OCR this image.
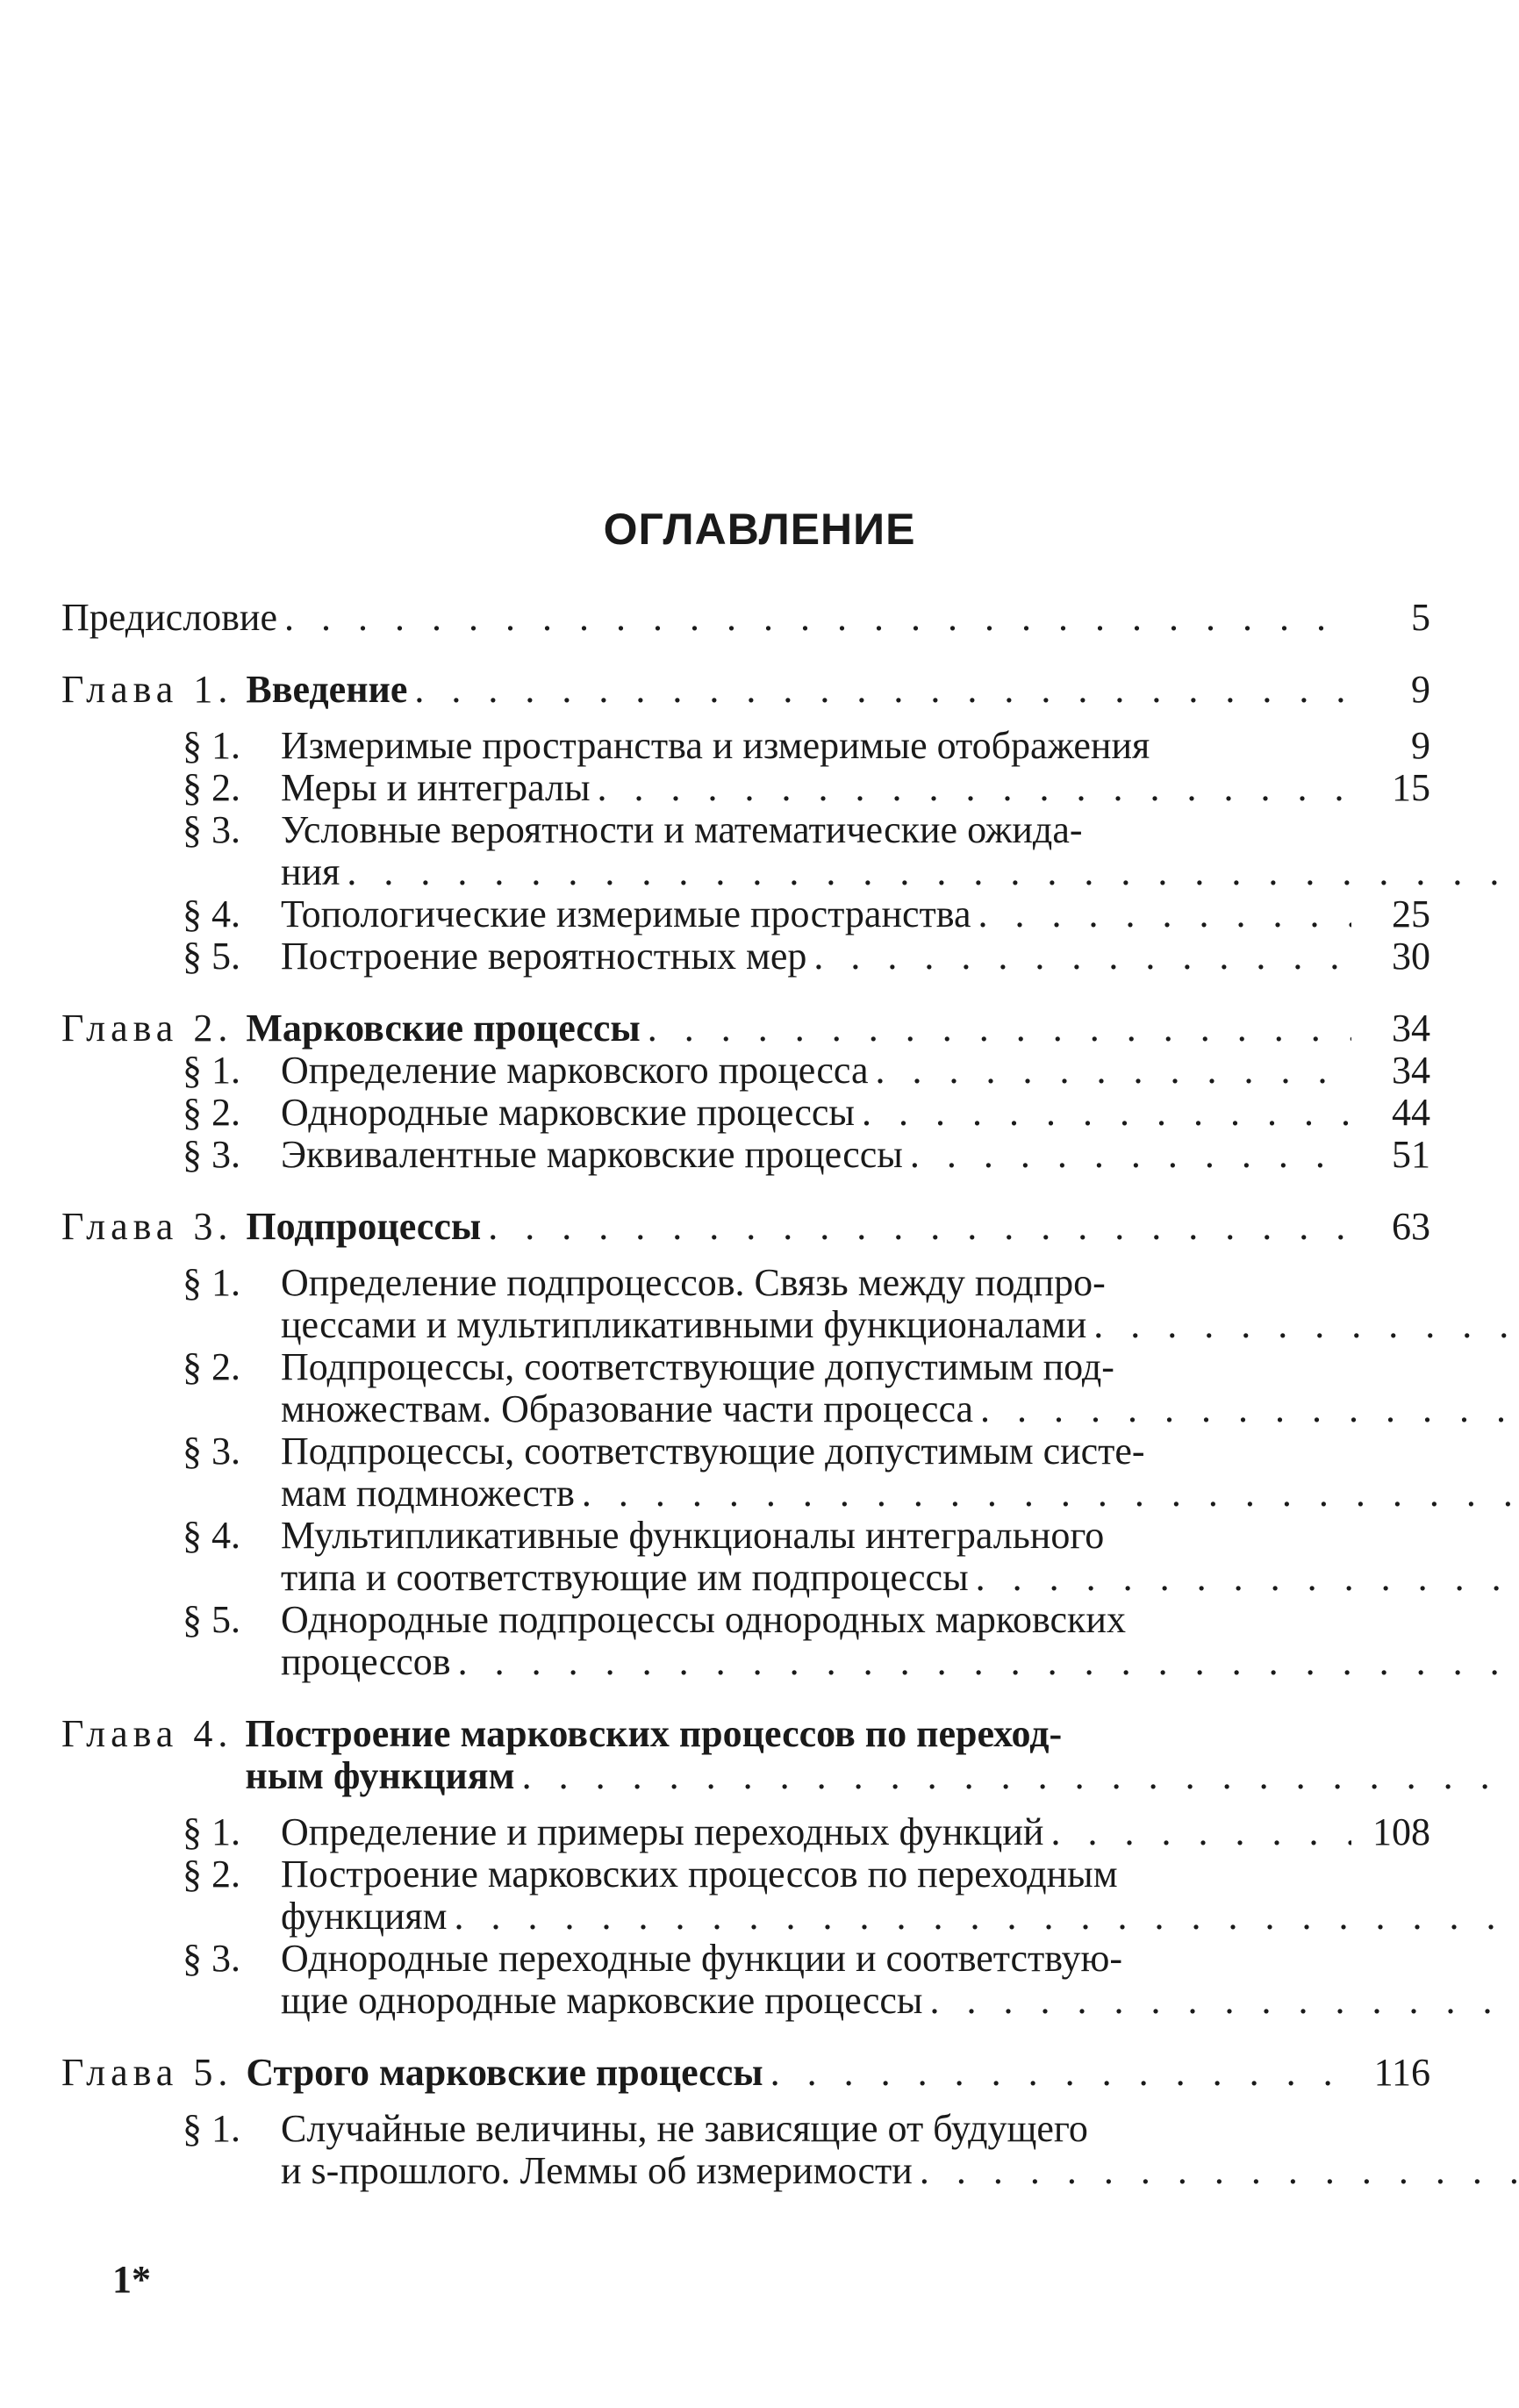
ОГЛАВЛЕНИЕ
Предисловие . . .	5
Глава 1. Введение . . .	9
§ 1.	Измеримые пространства и измеримые отображения	9
§ 2.	Меры и интегралы . . .	15
§ 3.	Условные вероятности и математические ожида-
ния
. . .
§ 4.	Топологические измеримые пространства . . .	25
§ 5.	Построение вероятностных мер . . .	30
Глава 2. Марковские процессы . . .	34
§ 1.	Определение марковского процесса . . .	34
§ 2.	Однородные марковские процессы . . .	44
§ 3.	Эквивалентные марковские процессы . . .	51
Глава 3. Подпроцессы . . .	63
§ 1.	Определение подпроцессов. Связь между подпро-
цессами и мультипликативными функционалами
. . .
§ 2.	Подпроцессы, соответствующие допустимым под-
множествам. Образование части процесса
. . .
§ 3.	Подпроцессы, соответствующие допустимым систе-
мам подмножеств
. . .
§ 4.	Мультипликативные функционалы интегрального
типа и соответствующие им подпроцессы
. . .
§ 5.	Однородные подпроцессы однородных марковских
процессов
. . .
Глава 4. Построение марковских процессов по переход-
ным функциям
. . .
§ 1.	Определение и примеры переходных функций . . .	108
§ 2.	Построение марковских процессов по переходным
функциям
. . .
§ 3.	Однородные переходные функции и соответствую-
щие однородные марковские процессы
. . .
Глава 5. Строго марковские процессы . . .	116
§ 1.	Случайные величины, не зависящие от будущего
и s-прошлого. Леммы об измеримости
. . .
1*
